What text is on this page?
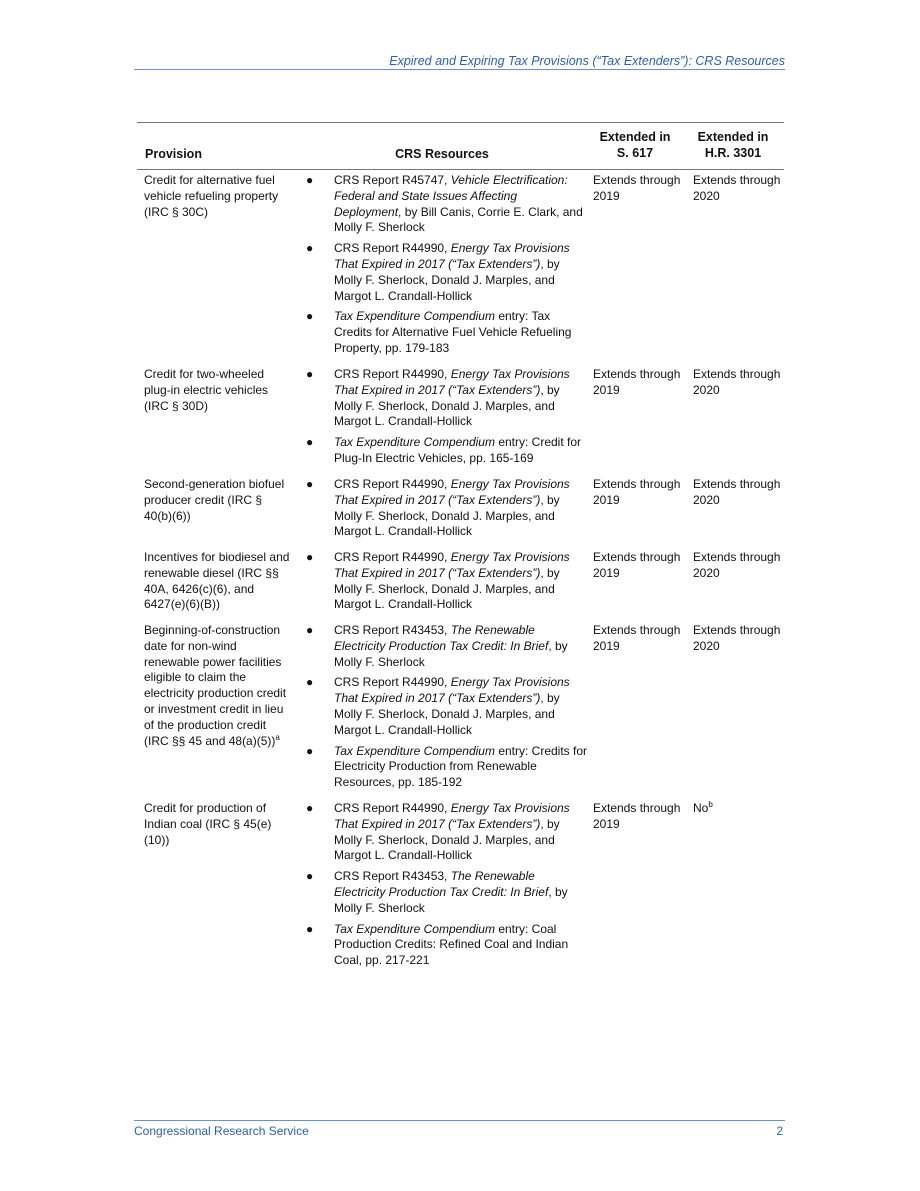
Expired and Expiring Tax Provisions (“Tax Extenders”): CRS Resources
Provision	CRS Resources
Extended in
S. 617
Extended in
H.R. 3301
Credit for alternative fuel vehicle refueling property (IRC § 30C)
● CRS Report R45747, Vehicle Electrification: Federal and State Issues Affecting Deployment, by Bill Canis, Corrie E. Clark, and Molly F. Sherlock
● CRS Report R44990, Energy Tax Provisions That Expired in 2017 (“Tax Extenders”), by Molly F. Sherlock, Donald J. Marples, and Margot L. Crandall-Hollick
● Tax Expenditure Compendium entry: Tax Credits for Alternative Fuel Vehicle Refueling Property, pp. 179-183
Extends through 2019
Extends through 2020
Credit for two-wheeled plug-in electric vehicles (IRC § 30D)
● CRS Report R44990, Energy Tax Provisions That Expired in 2017 (“Tax Extenders”), by Molly F. Sherlock, Donald J. Marples, and Margot L. Crandall-Hollick
● Tax Expenditure Compendium entry: Credit for Plug-In Electric Vehicles, pp. 165-169
Extends through 2019
Extends through 2020
Second-generation biofuel producer credit (IRC § 40(b)(6))
● CRS Report R44990, Energy Tax Provisions That Expired in 2017 (“Tax Extenders”), by Molly F. Sherlock, Donald J. Marples, and Margot L. Crandall-Hollick
Extends through 2019
Extends through 2020
Incentives for biodiesel and renewable diesel (IRC §§ 40A, 6426(c)(6), and 6427(e)(6)(B))
● CRS Report R44990, Energy Tax Provisions That Expired in 2017 (“Tax Extenders”), by Molly F. Sherlock, Donald J. Marples, and Margot L. Crandall-Hollick
Extends through 2019
Extends through 2020
Beginning-of-construction date for non-wind renewable power facilities eligible to claim the electricity production credit or investment credit in lieu of the production credit (IRC §§ 45 and 48(a)(5))$^a$
● CRS Report R43453, The Renewable Electricity Production Tax Credit: In Brief, by Molly F. Sherlock
● CRS Report R44990, Energy Tax Provisions That Expired in 2017 (“Tax Extenders”), by Molly F. Sherlock, Donald J. Marples, and Margot L. Crandall-Hollick
● Tax Expenditure Compendium entry: Credits for Electricity Production from Renewable Resources, pp. 185-192
Extends through 2019
Extends through 2020
Credit for production of Indian coal (IRC § 45(e)(10))
● CRS Report R44990, Energy Tax Provisions That Expired in 2017 (“Tax Extenders”), by Molly F. Sherlock, Donald J. Marples, and Margot L. Crandall-Hollick
● CRS Report R43453, The Renewable Electricity Production Tax Credit: In Brief, by Molly F. Sherlock
● Tax Expenditure Compendium entry: Coal Production Credits: Refined Coal and Indian Coal, pp. 217-221
Extends through 2019
No$^b$
Congressional Research Service	2
